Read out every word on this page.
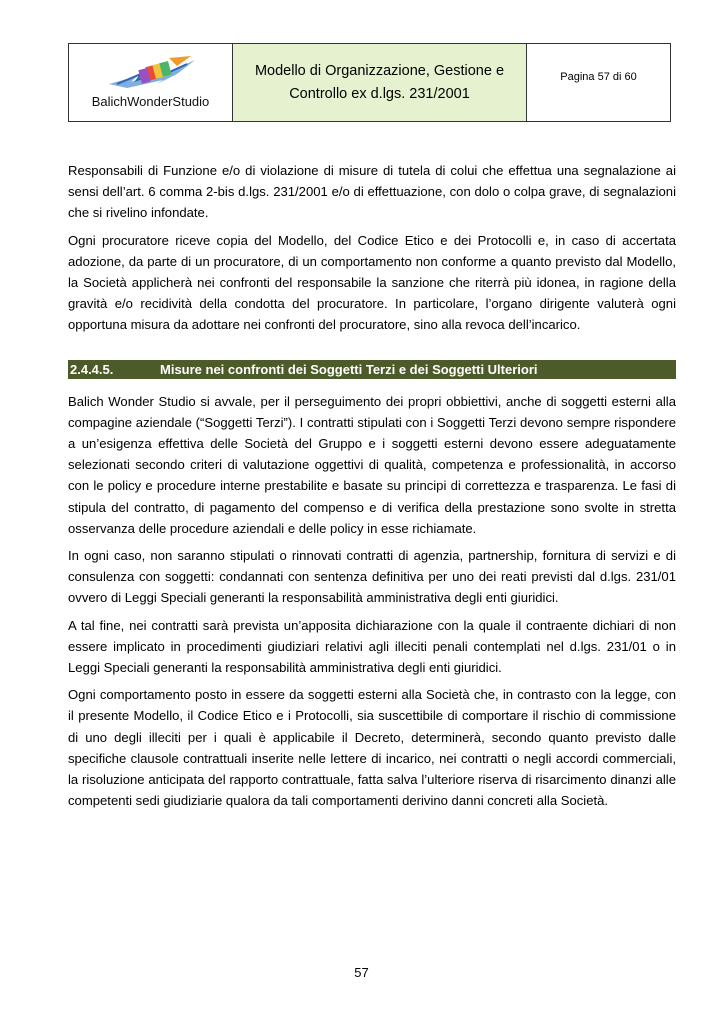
BalichWonderStudio
Modello di Organizzazione, Gestione e
Controllo ex d.lgs. 231/2001
Pagina 57 di 60

Responsabili di Funzione e/o di violazione di misure di tutela di colui che effettua una segnalazione ai sensi dell’art. 6 comma 2-bis d.lgs. 231/2001 e/o di effettuazione, con dolo o colpa grave, di segnalazioni che si rivelino infondate.

Ogni procuratore riceve copia del Modello, del Codice Etico e dei Protocolli e, in caso di accertata adozione, da parte di un procuratore, di un comportamento non conforme a quanto previsto dal Modello, la Società applicherà nei confronti del responsabile la sanzione che riterrà più idonea, in ragione della gravità e/o recidività della condotta del procuratore. In particolare, l’organo dirigente valuterà ogni opportuna misura da adottare nei confronti del procuratore, sino alla revoca dell’incarico.

2.4.4.5.	Misure nei confronti dei Soggetti Terzi e dei Soggetti Ulteriori

Balich Wonder Studio si avvale, per il perseguimento dei propri obbiettivi, anche di soggetti esterni alla compagine aziendale (“Soggetti Terzi”). I contratti stipulati con i Soggetti Terzi devono sempre rispondere a un’esigenza effettiva delle Società del Gruppo e i soggetti esterni devono essere adeguatamente selezionati secondo criteri di valutazione oggettivi di qualità, competenza e professionalità, in accorso con le policy e procedure interne prestabilite e basate su principi di correttezza e trasparenza. Le fasi di stipula del contratto, di pagamento del compenso e di verifica della prestazione sono svolte in stretta osservanza delle procedure aziendali e delle policy in esse richiamate.

In ogni caso, non saranno stipulati o rinnovati contratti di agenzia, partnership, fornitura di servizi e di consulenza con soggetti: condannati con sentenza definitiva per uno dei reati previsti dal d.lgs. 231/01 ovvero di Leggi Speciali generanti la responsabilità amministrativa degli enti giuridici.

A tal fine, nei contratti sarà prevista un’apposita dichiarazione con la quale il contraente dichiari di non essere implicato in procedimenti giudiziari relativi agli illeciti penali contemplati nel d.lgs. 231/01 o in Leggi Speciali generanti la responsabilità amministrativa degli enti giuridici.

Ogni comportamento posto in essere da soggetti esterni alla Società che, in contrasto con la legge, con il presente Modello, il Codice Etico e i Protocolli, sia suscettibile di comportare il rischio di commissione di uno degli illeciti per i quali è applicabile il Decreto, determinerà, secondo quanto previsto dalle specifiche clausole contrattuali inserite nelle lettere di incarico, nei contratti o negli accordi commerciali, la risoluzione anticipata del rapporto contrattuale, fatta salva l’ulteriore riserva di risarcimento dinanzi alle competenti sedi giudiziarie qualora da tali comportamenti derivino danni concreti alla Società.

57
